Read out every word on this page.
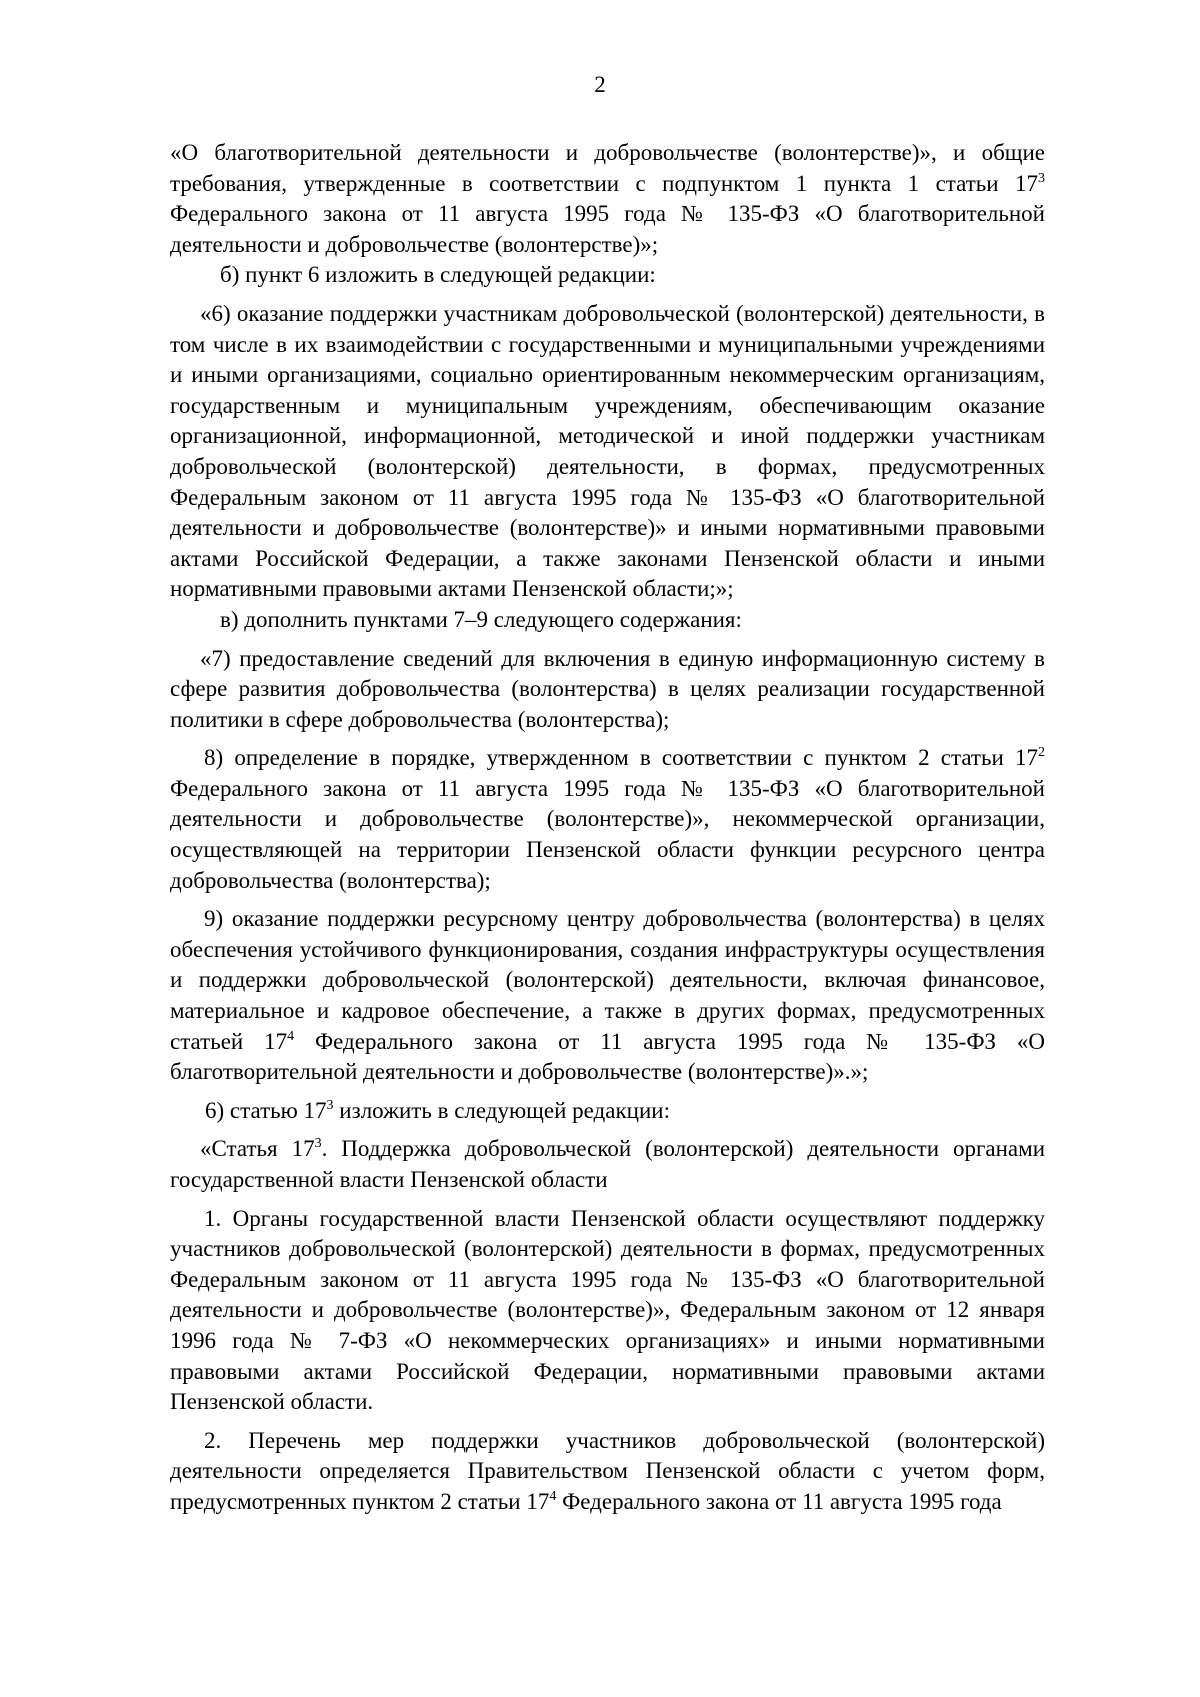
2

«О благотворительной деятельности и добровольчестве (волонтерстве)», и общие требования, утвержденные в соответствии с подпунктом 1 пункта 1 статьи $17^3$ Федерального закона от 11 августа 1995 года № 135-ФЗ «О благотворительной деятельности и добровольчестве (волонтерстве)»;

б) пункт 6 изложить в следующей редакции:

«6) оказание поддержки участникам добровольческой (волонтерской) деятельности, в том числе в их взаимодействии с государственными и муниципальными учреждениями и иными организациями, социально ориентированным некоммерческим организациям, государственным и муниципальным учреждениям, обеспечивающим оказание организационной, информационной, методической и иной поддержки участникам добровольческой (волонтерской) деятельности, в формах, предусмотренных Федеральным законом от 11 августа 1995 года № 135-ФЗ «О благотворительной деятельности и добровольчестве (волонтерстве)» и иными нормативными правовыми актами Российской Федерации, а также законами Пензенской области и иными нормативными правовыми актами Пензенской области;»;

в) дополнить пунктами 7–9 следующего содержания:

«7) предоставление сведений для включения в единую информационную систему в сфере развития добровольчества (волонтерства) в целях реализации государственной политики в сфере добровольчества (волонтерства);

8) определение в порядке, утвержденном в соответствии с пунктом 2 статьи $17^2$ Федерального закона от 11 августа 1995 года № 135-ФЗ «О благотворительной деятельности и добровольчестве (волонтерстве)», некоммерческой организации, осуществляющей на территории Пензенской области функции ресурсного центра добровольчества (волонтерства);

9) оказание поддержки ресурсному центру добровольчества (волонтерства) в целях обеспечения устойчивого функционирования, создания инфраструктуры осуществления и поддержки добровольческой (волонтерской) деятельности, включая финансовое, материальное и кадровое обеспечение, а также в других формах, предусмотренных статьей $17^4$ Федерального закона от 11 августа 1995 года № 135-ФЗ «О благотворительной деятельности и добровольчестве (волонтерстве)».»;

6) статью $17^3$ изложить в следующей редакции:

«Статья $17^3$. Поддержка добровольческой (волонтерской) деятельности органами государственной власти Пензенской области

1. Органы государственной власти Пензенской области осуществляют поддержку участников добровольческой (волонтерской) деятельности в формах, предусмотренных Федеральным законом от 11 августа 1995 года № 135-ФЗ «О благотворительной деятельности и добровольчестве (волонтерстве)», Федеральным законом от 12 января 1996 года № 7-ФЗ «О некоммерческих организациях» и иными нормативными правовыми актами Российской Федерации, нормативными правовыми актами Пензенской области.

2. Перечень мер поддержки участников добровольческой (волонтерской) деятельности определяется Правительством Пензенской области с учетом форм, предусмотренных пунктом 2 статьи $17^4$ Федерального закона от 11 августа 1995 года
